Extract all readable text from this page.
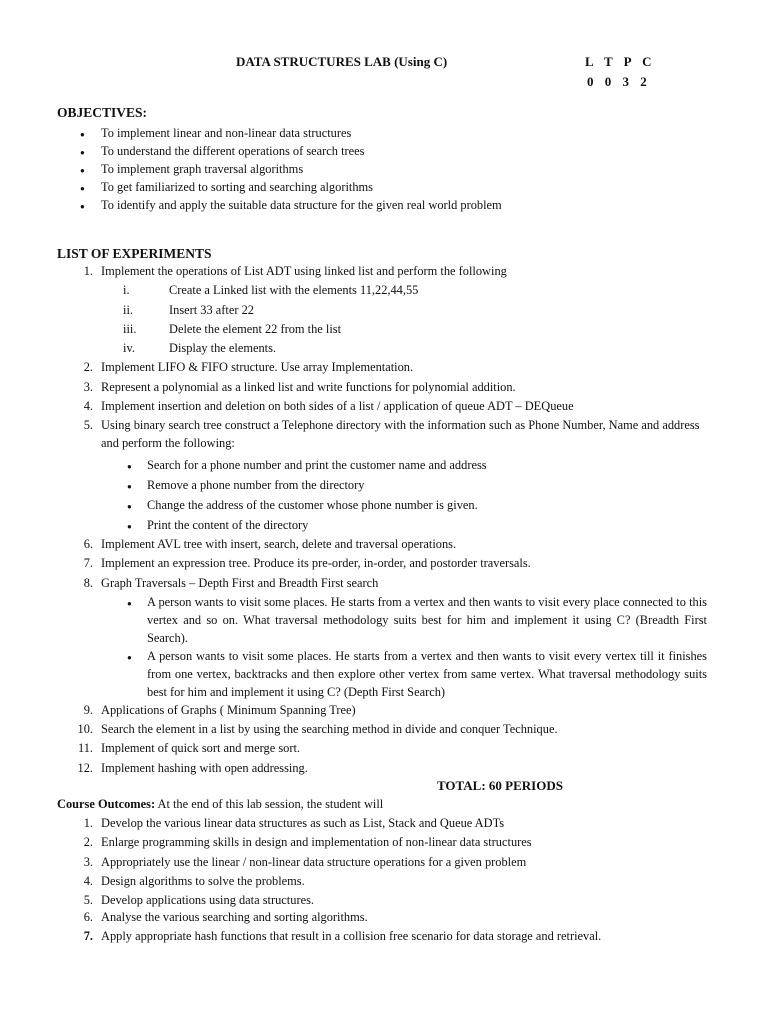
DATA STRUCTURES LAB (Using C)	L T P C
0 0 3 2
OBJECTIVES:
● To implement linear and non-linear data structures
● To understand the different operations of search trees
● To implement graph traversal algorithms
● To get familiarized to sorting and searching algorithms
● To identify and apply the suitable data structure for the given real world problem
LIST OF EXPERIMENTS
1. Implement the operations of List ADT using linked list and perform the following
i.	Create a Linked list with the elements 11,22,44,55
ii.	Insert 33 after 22
iii.	Delete the element 22 from the list
iv.	Display the elements.
2. Implement LIFO & FIFO structure. Use array Implementation.
3. Represent a polynomial as a linked list and write functions for polynomial addition.
4. Implement insertion and deletion on both sides of a list / application of queue ADT – DEQueue
5. Using binary search tree construct a Telephone directory with the information such as Phone Number, Name and address and perform the following:
● Search for a phone number and print the customer name and address
● Remove a phone number from the directory
● Change the address of the customer whose phone number is given.
● Print the content of the directory
6. Implement AVL tree with insert, search, delete and traversal operations.
7. Implement an expression tree. Produce its pre-order, in-order, and postorder traversals.
8. Graph Traversals – Depth First and Breadth First search
● A person wants to visit some places. He starts from a vertex and then wants to visit every place connected to this vertex and so on. What traversal methodology suits best for him and implement it using C? (Breadth First Search).
● A person wants to visit some places. He starts from a vertex and then wants to visit every vertex till it finishes from one vertex, backtracks and then explore other vertex from same vertex. What traversal methodology suits best for him and implement it using C? (Depth First Search)
9. Applications of Graphs ( Minimum Spanning Tree)
10. Search the element in a list by using the searching method in divide and conquer Technique.
11. Implement of quick sort and merge sort.
12. Implement hashing with open addressing.
TOTAL: 60 PERIODS
Course Outcomes: At the end of this lab session, the student will
1. Develop the various linear data structures as such as List, Stack and Queue ADTs
2. Enlarge programming skills in design and implementation of non-linear data structures
3. Appropriately use the linear / non-linear data structure operations for a given problem
4. Design algorithms to solve the problems.
5. Develop applications using data structures.
6. Analyse the various searching and sorting algorithms.
7. Apply appropriate hash functions that result in a collision free scenario for data storage and retrieval.
